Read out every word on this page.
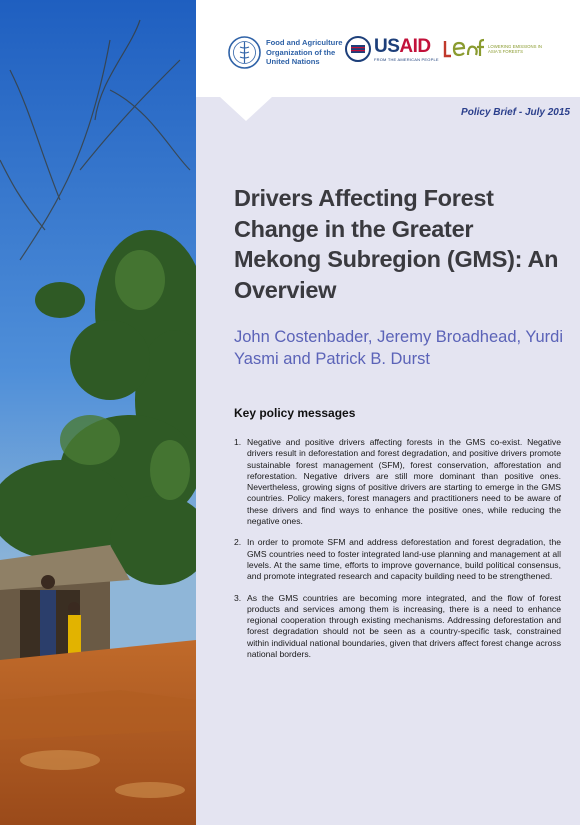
Food and Agriculture Organization of the United Nations
USAID
FROM THE AMERICAN PEOPLE
LOWERING EMISSIONS IN ASIA'S FORESTS
Policy Brief - July 2015
Drivers Affecting Forest Change in the Greater Mekong Subregion (GMS): An Overview
John Costenbader, Jeremy Broadhead, Yurdi Yasmi and Patrick B. Durst
Key policy messages
1. Negative and positive drivers affecting forests in the GMS co-exist. Negative drivers result in deforestation and forest degradation, and positive drivers promote sustainable forest management (SFM), forest conservation, afforestation and reforestation. Negative drivers are still more dominant than positive ones. Nevertheless, growing signs of positive drivers are starting to emerge in the GMS countries. Policy makers, forest managers and practitioners need to be aware of these drivers and find ways to enhance the positive ones, while reducing the negative ones.
2. In order to promote SFM and address deforestation and forest degradation, the GMS countries need to foster integrated land-use planning and management at all levels. At the same time, efforts to improve governance, build political consensus, and promote integrated research and capacity building need to be strengthened.
3. As the GMS countries are becoming more integrated, and the flow of forest products and services among them is increasing, there is a need to enhance regional cooperation through existing mechanisms. Addressing deforestation and forest degradation should not be seen as a country-specific task, constrained within individual national boundaries, given that drivers affect forest change across national borders.
